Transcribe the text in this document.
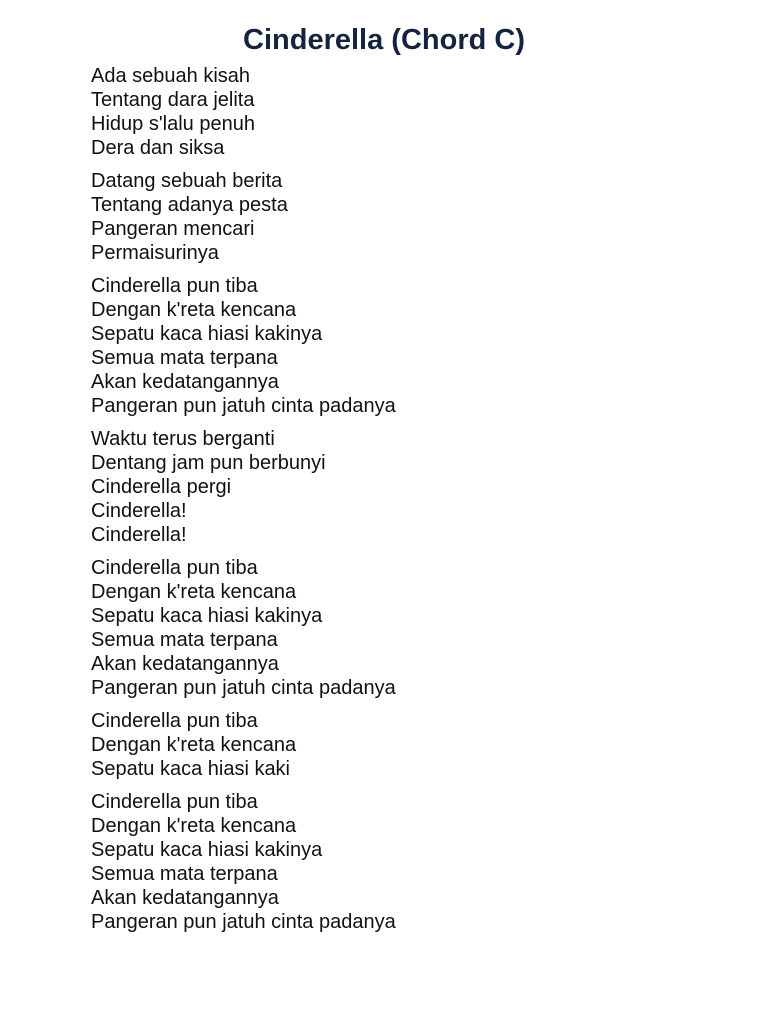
Cinderella (Chord C)
Ada sebuah kisah
Tentang dara jelita
Hidup s'lalu penuh
Dera dan siksa
Datang sebuah berita
Tentang adanya pesta
Pangeran mencari
Permaisurinya
Cinderella pun tiba
Dengan k'reta kencana
Sepatu kaca hiasi kakinya
Semua mata terpana
Akan kedatangannya
Pangeran pun jatuh cinta padanya
Waktu terus berganti
Dentang jam pun berbunyi
Cinderella pergi
Cinderella!
Cinderella!
Cinderella pun tiba
Dengan k'reta kencana
Sepatu kaca hiasi kakinya
Semua mata terpana
Akan kedatangannya
Pangeran pun jatuh cinta padanya
Cinderella pun tiba
Dengan k'reta kencana
Sepatu kaca hiasi kaki
Cinderella pun tiba
Dengan k'reta kencana
Sepatu kaca hiasi kakinya
Semua mata terpana
Akan kedatangannya
Pangeran pun jatuh cinta padanya
